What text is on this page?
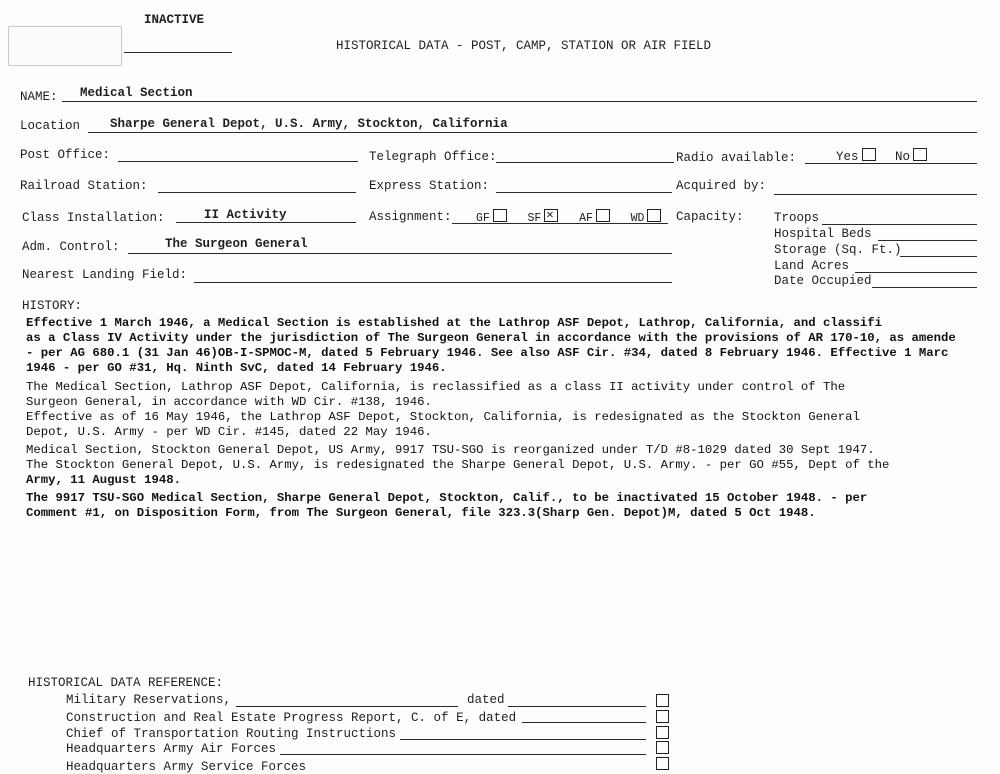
INACTIVE
HISTORICAL DATA - POST, CAMP, STATION OR AIR FIELD
NAME: Medical Section
Location Sharpe General Depot, U.S. Army, Stockton, California
Post Office:	Telegraph Office:	Radio available:	Yes	No
Railroad Station:	Express Station:	Acquired by:
Class Installation:	II Activity	Assignment: GF	SF✕	AF	WD	Capacity: Troops
Hospital Beds
Storage (Sq. Ft.)
Land Acres
Date Occupied
Adm. Control:	The Surgeon General
Nearest Landing Field:
HISTORY:

Effective 1 March 1946, a Medical Section is established at the Lathrop ASF Depot, Lathrop, California, and classifi

as a Class IV Activity under the jurisdiction of The Surgeon General in accordance with the provisions of AR 170-10, as amende

- per AG 680.1 (31 Jan 46)OB-I-SPMOC-M, dated 5 February 1946. See also ASF Cir. #34, dated 8 February 1946. Effective 1 Marc

1946 - per GO #31, Hq. Ninth SvC, dated 14 February 1946.

The Medical Section, Lathrop ASF Depot, California, is reclassified as a class II activity under control of The

Surgeon General, in accordance with WD Cir. #138, 1946.

Effective as of 16 May 1946, the Lathrop ASF Depot, Stockton, California, is redesignated as the Stockton General

Depot, U.S. Army - per WD Cir. #145, dated 22 May 1946.

Medical Section, Stockton General Depot, US Army, 9917 TSU-SGO is reorganized under T/D #8-1029 dated 30 Sept 1947.

The Stockton General Depot, U.S. Army, is redesignated the Sharpe General Depot, U.S. Army. - per GO #55, Dept of the

Army, 11 August 1948.

The 9917 TSU-SGO Medical Section, Sharpe General Depot, Stockton, Calif., to be inactivated 15 October 1948. - per

Comment #1, on Disposition Form, from The Surgeon General, file 323.3(Sharp Gen. Depot)M, dated 5 Oct 1948.

HISTORICAL DATA REFERENCE:
Military Reservations,	dated
Construction and Real Estate Progress Report, C. of E, dated
Chief of Transportation Routing Instructions
Headquarters Army Air Forces
Headquarters Army Service Forces
